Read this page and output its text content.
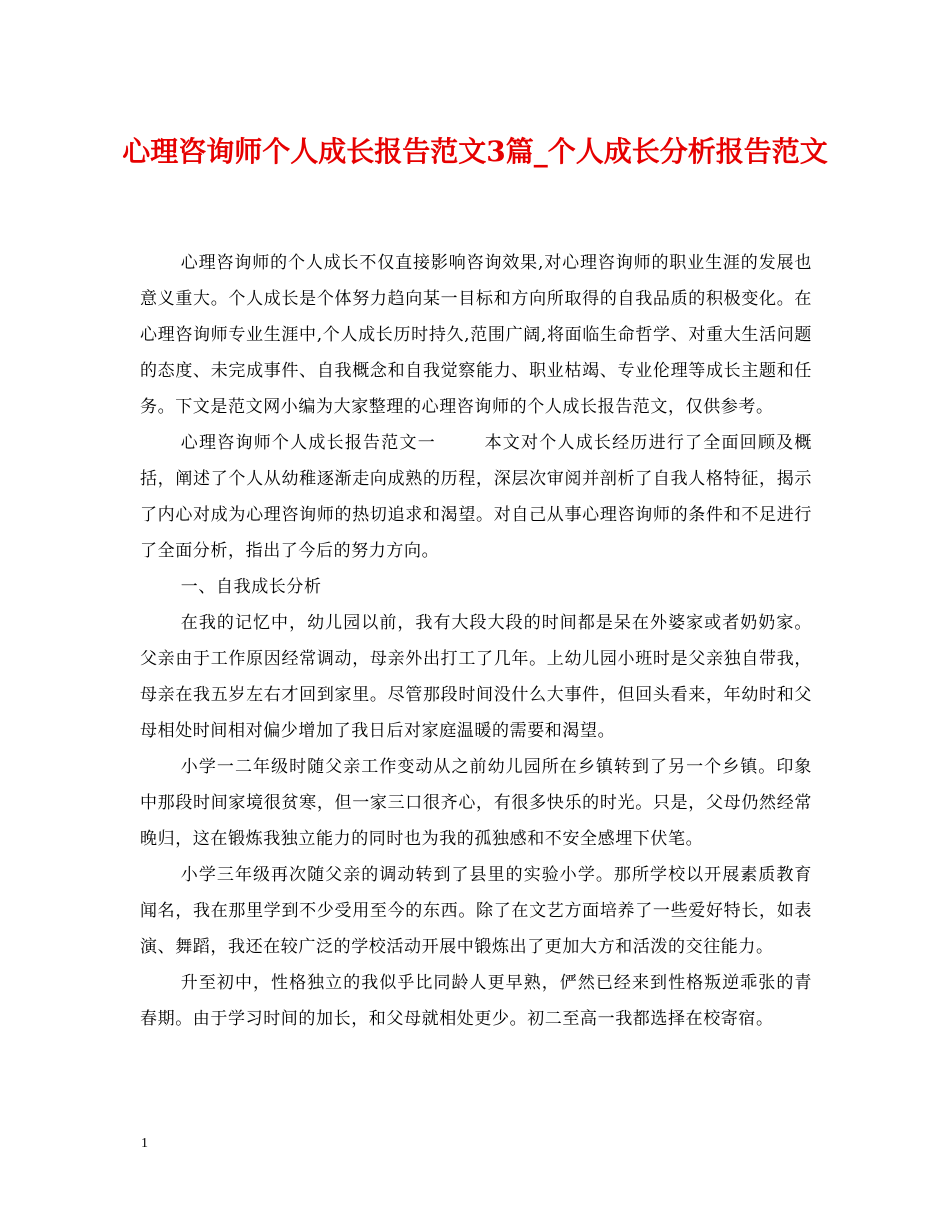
心理咨询师个人成长报告范文3篇_个人成长分析报告范文

心理咨询师的个人成长不仅直接影响咨询效果,对心理咨询师的职业生涯的发展也意义重大。个人成长是个体努力趋向某一目标和方向所取得的自我品质的积极变化。在心理咨询师专业生涯中,个人成长历时持久,范围广阔,将面临生命哲学、对重大生活问题的态度、未完成事件、自我概念和自我觉察能力、职业枯竭、专业伦理等成长主题和任务。下文是范文网小编为大家整理的心理咨询师的个人成长报告范文，仅供参考。

心理咨询师个人成长报告范文一	本文对个人成长经历进行了全面回顾及概括，阐述了个人从幼稚逐渐走向成熟的历程，深层次审阅并剖析了自我人格特征，揭示了内心对成为心理咨询师的热切追求和渴望。对自己从事心理咨询师的条件和不足进行了全面分析，指出了今后的努力方向。

一、自我成长分析

在我的记忆中，幼儿园以前，我有大段大段的时间都是呆在外婆家或者奶奶家。父亲由于工作原因经常调动，母亲外出打工了几年。上幼儿园小班时是父亲独自带我，母亲在我五岁左右才回到家里。尽管那段时间没什么大事件，但回头看来，年幼时和父母相处时间相对偏少增加了我日后对家庭温暖的需要和渴望。

小学一二年级时随父亲工作变动从之前幼儿园所在乡镇转到了另一个乡镇。印象中那段时间家境很贫寒，但一家三口很齐心，有很多快乐的时光。只是，父母仍然经常晚归，这在锻炼我独立能力的同时也为我的孤独感和不安全感埋下伏笔。

小学三年级再次随父亲的调动转到了县里的实验小学。那所学校以开展素质教育闻名，我在那里学到不少受用至今的东西。除了在文艺方面培养了一些爱好特长，如表演、舞蹈，我还在较广泛的学校活动开展中锻炼出了更加大方和活泼的交往能力。

升至初中，性格独立的我似乎比同龄人更早熟，俨然已经来到性格叛逆乖张的青春期。由于学习时间的加长，和父母就相处更少。初二至高一我都选择在校寄宿。

1
